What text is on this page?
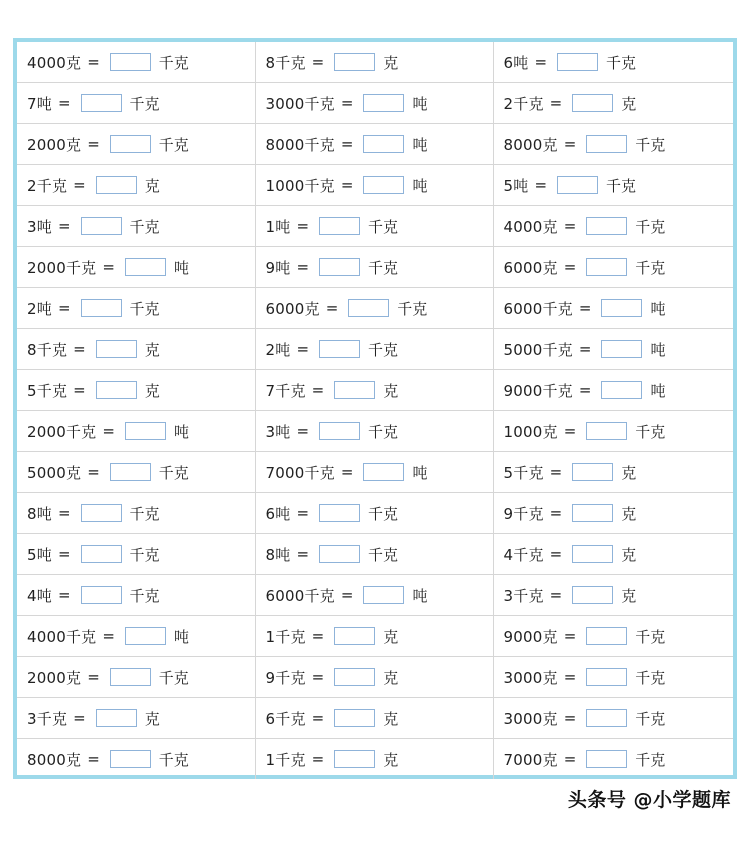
4000克 = 千克	8千克 = 克	6吨 = 千克

7吨 = 千克	3000千克 = 吨	2千克 = 克

2000克 = 千克	8000千克 = 吨	8000克 = 千克

2千克 = 克	1000千克 = 吨	5吨 = 千克

3吨 = 千克	1吨 = 千克	4000克 = 千克

2000千克 = 吨	9吨 = 千克	6000克 = 千克

2吨 = 千克	6000克 = 千克	6000千克 = 吨

8千克 = 克	2吨 = 千克	5000千克 = 吨

5千克 = 克	7千克 = 克	9000千克 = 吨

2000千克 = 吨	3吨 = 千克	1000克 = 千克

5000克 = 千克	7000千克 = 吨	5千克 = 克

8吨 = 千克	6吨 = 千克	9千克 = 克

5吨 = 千克	8吨 = 千克	4千克 = 克

4吨 = 千克	6000千克 = 吨	3千克 = 克

4000千克 = 吨	1千克 = 克	9000克 = 千克

2000克 = 千克	9千克 = 克	3000克 = 千克

3千克 = 克	6千克 = 克	3000克 = 千克

8000克 = 千克	1千克 = 克	7000克 = 千克
头条号 @小学题库
